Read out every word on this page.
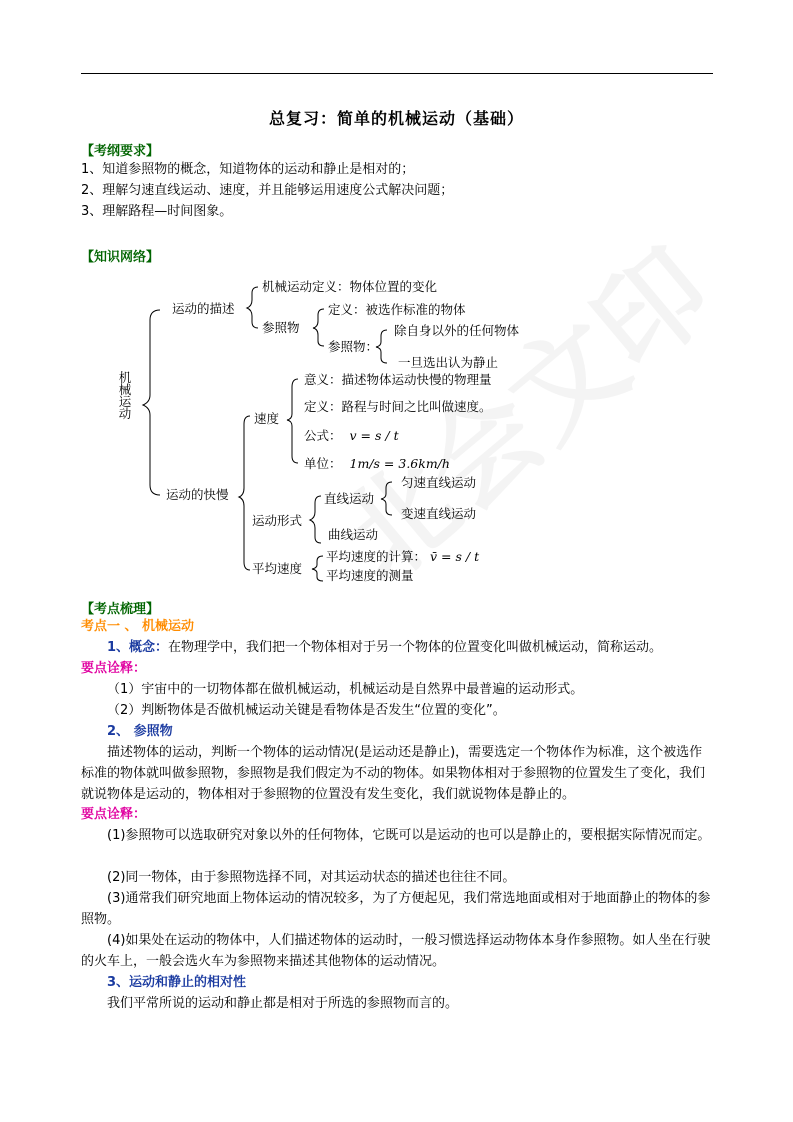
总复习：简单的机械运动（基础）
【考纲要求】
1、知道参照物的概念，知道物体的运动和静止是相对的；
2、理解匀速直线运动、速度，并且能够运用速度公式解决问题；
3、理解路程—时间图象。
【知识网络】
机械运动
运动的描述
机械运动定义：物体位置的变化
参照物
定义：被选作标准的物体
参照物：
除自身以外的任何物体
一旦选出认为静止
运动的快慢
速度
意义：描述物体运动快慢的物理量
定义：路程与时间之比叫做速度。
公式： v = s / t
单位： 1m/s = 3.6km/h
运动形式
直线运动
匀速直线运动
变速直线运动
曲线运动
平均速度
平均速度的计算： v̄ = s / t
平均速度的测量
【考点梳理】
考点一 、 机械运动
1、概念：在物理学中，我们把一个物体相对于另一个物体的位置变化叫做机械运动，简称运动。
要点诠释：
（1）宇宙中的一切物体都在做机械运动，机械运动是自然界中最普遍的运动形式。
（2）判断物体是否做机械运动关键是看物体是否发生“位置的变化”。
2、 参照物
描述物体的运动，判断一个物体的运动情况(是运动还是静止)，需要选定一个物体作为标准，这个被选作标准的物体就叫做参照物，参照物是我们假定为不动的物体。如果物体相对于参照物的位置发生了变化，我们就说物体是运动的，物体相对于参照物的位置没有发生变化，我们就说物体是静止的。
要点诠释：
(1)参照物可以选取研究对象以外的任何物体，它既可以是运动的也可以是静止的，要根据实际情况而定。
(2)同一物体，由于参照物选择不同，对其运动状态的描述也往往不同。
(3)通常我们研究地面上物体运动的情况较多，为了方便起见，我们常选地面或相对于地面静止的物体的参照物。
(4)如果处在运动的物体中，人们描述物体的运动时，一般习惯选择运动物体本身作参照物。如人坐在行驶的火车上，一般会选火车为参照物来描述其他物体的运动情况。
3、运动和静止的相对性
我们平常所说的运动和静止都是相对于所选的参照物而言的。
